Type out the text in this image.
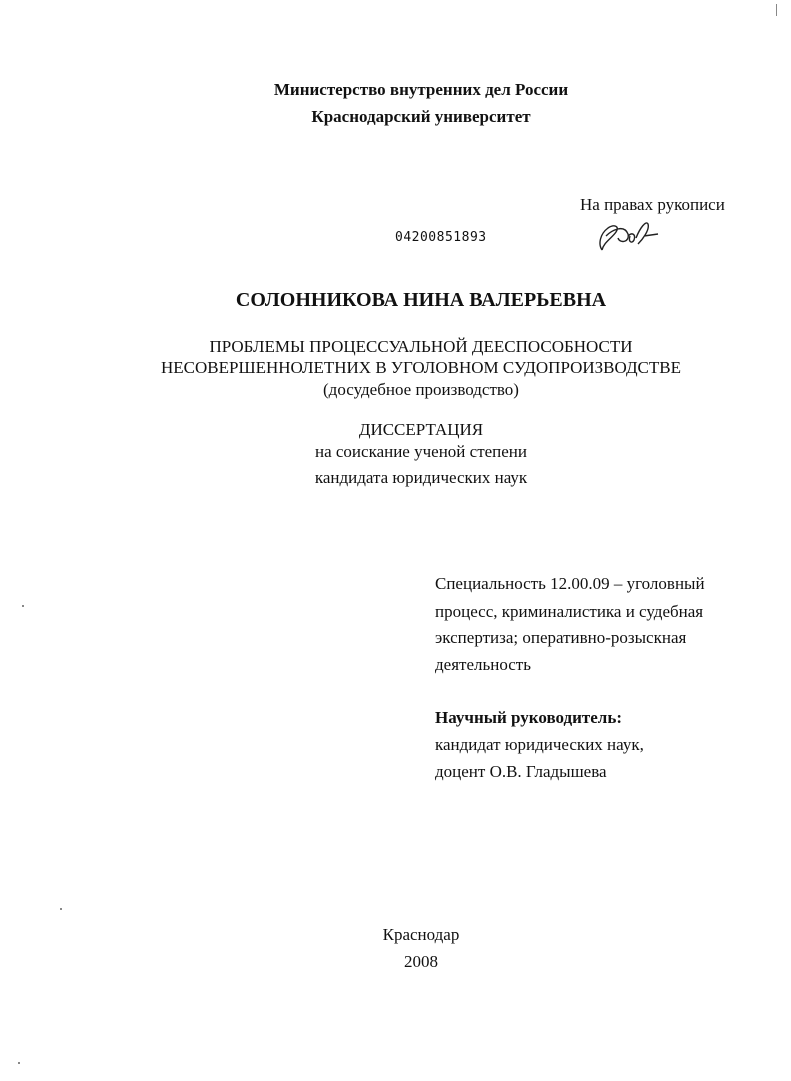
Министерство внутренних дел России
Краснодарский университет
На правах рукописи
04200851893
СОЛОННИКОВА НИНА ВАЛЕРЬЕВНА
ПРОБЛЕМЫ ПРОЦЕССУАЛЬНОЙ ДЕЕСПОСОБНОСТИ
НЕСОВЕРШЕННОЛЕТНИХ В УГОЛОВНОМ СУДОПРОИЗВОДСТВЕ
(досудебное производство)
ДИССЕРТАЦИЯ
на соискание ученой степени
кандидата юридических наук
Специальность 12.00.09 – уголовный
процесс, криминалистика и судебная
экспертиза; оперативно-розыскная
деятельность
Научный руководитель:
кандидат юридических наук,
доцент О.В. Гладышева
Краснодар
2008
